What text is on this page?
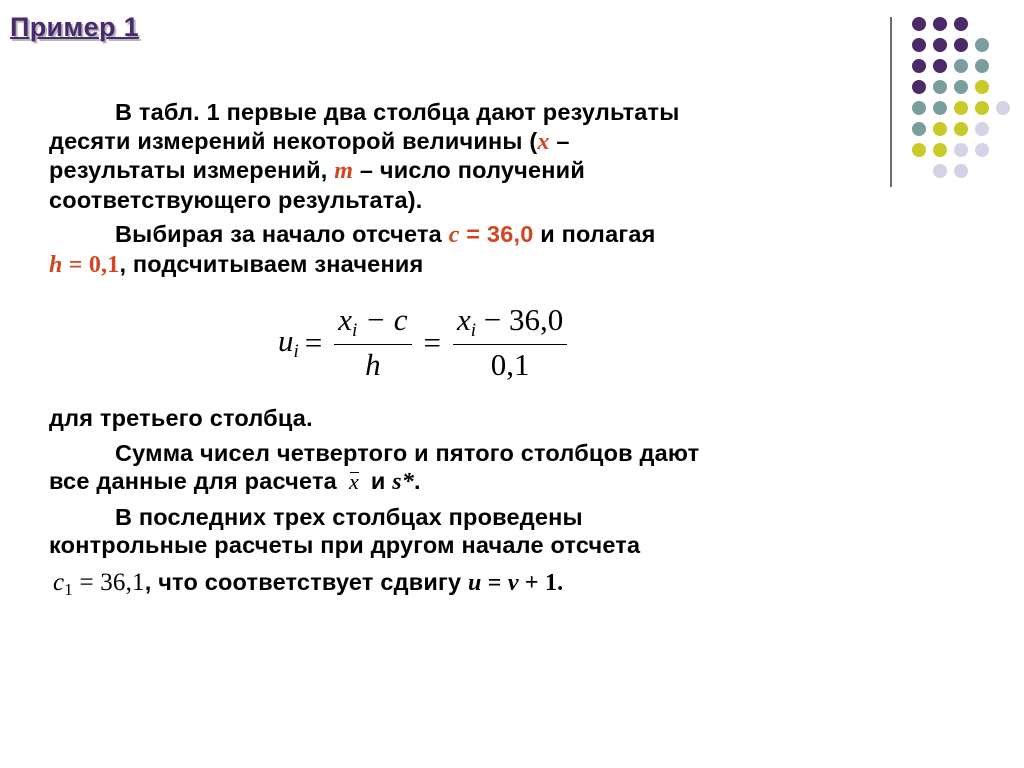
Пример 1

В табл. 1 первые два столбца дают результаты
десяти измерений некоторой величины (x –
результаты измерений, m – число получений
соответствующего результата).

Выбирая за начало отсчета c = 36,0 и полагая
h = 0,1, подсчитываем значения

$u_i = \frac{x_i - c}{h} = \frac{x_i - 36,0}{0,1}$

для третьего столбца.

Сумма чисел четвертого и пятого столбцов дают
все данные для расчета x и s*.

В последних трех столбцах проведены
контрольные расчеты при другом начале отсчета
$c_1 = 36,1$, что соответствует сдвигу u = v + 1.
